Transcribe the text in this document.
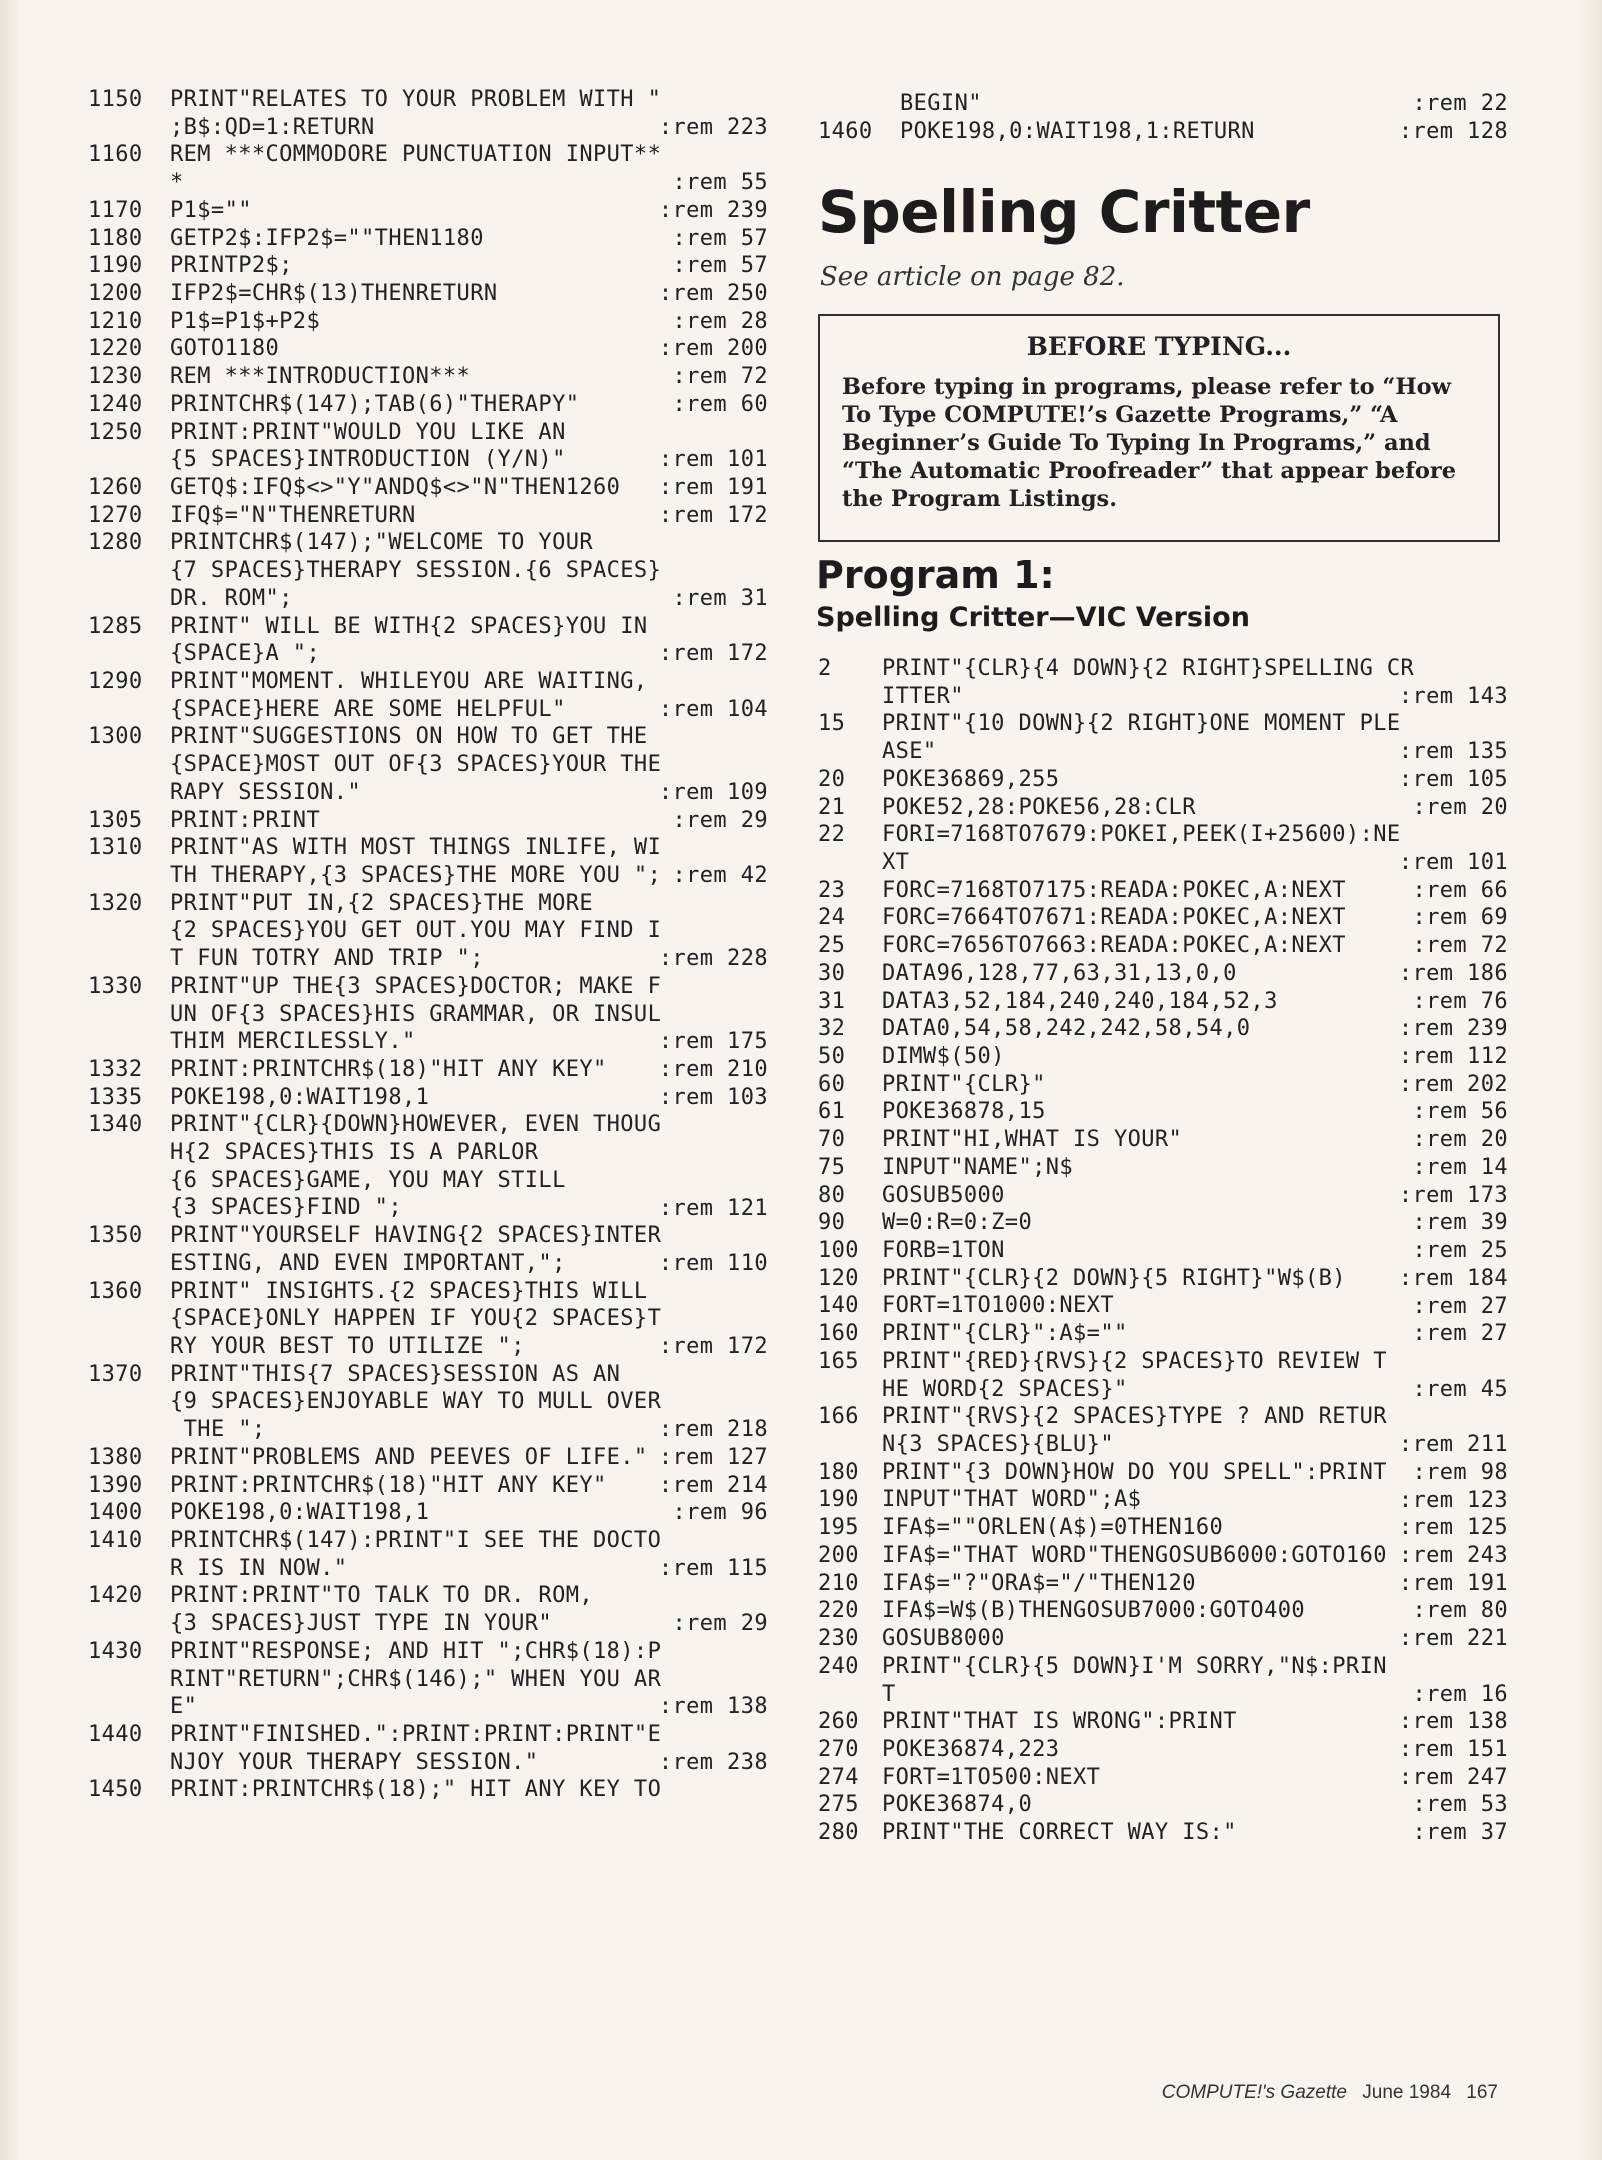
1150	PRINT"RELATES TO YOUR PROBLEM WITH "
;B$:QD=1:RETURN	:rem 223
1160	REM ***COMMODORE PUNCTUATION INPUT**
*	:rem 55
1170	P1$=""	:rem 239
1180	GETP2$:IFP2$=""THEN1180	:rem 57
1190	PRINTP2$;	:rem 57
1200	IFP2$=CHR$(13)THENRETURN	:rem 250
1210	P1$=P1$+P2$	:rem 28
1220	GOTO1180	:rem 200
1230	REM ***INTRODUCTION***	:rem 72
1240	PRINTCHR$(147);TAB(6)"THERAPY"	:rem 60
1250	PRINT:PRINT"WOULD YOU LIKE AN
{5 SPACES}INTRODUCTION (Y/N)"	:rem 101
1260	GETQ$:IFQ$<>"Y"ANDQ$<>"N"THEN1260	:rem 191
1270	IFQ$="N"THENRETURN	:rem 172
1280	PRINTCHR$(147);"WELCOME TO YOUR
{7 SPACES}THERAPY SESSION.{6 SPACES}
DR. ROM";	:rem 31
1285	PRINT" WILL BE WITH{2 SPACES}YOU IN
{SPACE}A ";	:rem 172
1290	PRINT"MOMENT. WHILEYOU ARE WAITING,
{SPACE}HERE ARE SOME HELPFUL"	:rem 104
1300	PRINT"SUGGESTIONS ON HOW TO GET THE
{SPACE}MOST OUT OF{3 SPACES}YOUR THE
RAPY SESSION."	:rem 109
1305	PRINT:PRINT	:rem 29
1310	PRINT"AS WITH MOST THINGS INLIFE, WI
TH THERAPY,{3 SPACES}THE MORE YOU "; :rem 42
1320	PRINT"PUT IN,{2 SPACES}THE MORE
{2 SPACES}YOU GET OUT.YOU MAY FIND I
T FUN TOTRY AND TRIP ";	:rem 228
1330	PRINT"UP THE{3 SPACES}DOCTOR; MAKE F
UN OF{3 SPACES}HIS GRAMMAR, OR INSUL
THIM MERCILESSLY."	:rem 175
1332	PRINT:PRINTCHR$(18)"HIT ANY KEY"	:rem 210
1335	POKE198,0:WAIT198,1	:rem 103
1340	PRINT"{CLR}{DOWN}HOWEVER, EVEN THOUG
H{2 SPACES}THIS IS A PARLOR
{6 SPACES}GAME, YOU MAY STILL
{3 SPACES}FIND ";	:rem 121
1350	PRINT"YOURSELF HAVING{2 SPACES}INTER
ESTING, AND EVEN IMPORTANT,";	:rem 110
1360	PRINT" INSIGHTS.{2 SPACES}THIS WILL
{SPACE}ONLY HAPPEN IF YOU{2 SPACES}T
RY YOUR BEST TO UTILIZE ";	:rem 172
1370	PRINT"THIS{7 SPACES}SESSION AS AN
{9 SPACES}ENJOYABLE WAY TO MULL OVER
THE ";	:rem 218
1380	PRINT"PROBLEMS AND PEEVES OF LIFE." :rem 127
1390	PRINT:PRINTCHR$(18)"HIT ANY KEY"	:rem 214
1400	POKE198,0:WAIT198,1	:rem 96
1410	PRINTCHR$(147):PRINT"I SEE THE DOCTO
R IS IN NOW."	:rem 115
1420	PRINT:PRINT"TO TALK TO DR. ROM,
{3 SPACES}JUST TYPE IN YOUR"	:rem 29
1430	PRINT"RESPONSE; AND HIT ";CHR$(18):P
RINT"RETURN";CHR$(146);" WHEN YOU AR
E"	:rem 138
1440	PRINT"FINISHED.":PRINT:PRINT:PRINT"E
NJOY YOUR THERAPY SESSION."	:rem 238
1450	PRINT:PRINTCHR$(18);" HIT ANY KEY TO
BEGIN"	:rem 22
1460	POKE198,0:WAIT198,1:RETURN	:rem 128
Spelling Critter
See article on page 82.
BEFORE TYPING...

Before typing in programs, please refer to “How To Type COMPUTE!’s Gazette Programs,” “A Beginner’s Guide To Typing In Programs,” and “The Automatic Proofreader” that appear before the Program Listings.

Program 1:
Spelling Critter—VIC Version
2	PRINT"{CLR}{4 DOWN}{2 RIGHT}SPELLING CR
ITTER"	:rem 143
15	PRINT"{10 DOWN}{2 RIGHT}ONE MOMENT PLE
ASE"	:rem 135
20	POKE36869,255	:rem 105
21	POKE52,28:POKE56,28:CLR	:rem 20
22	FORI=7168TO7679:POKEI,PEEK(I+25600):NE
XT	:rem 101
23	FORC=7168TO7175:READA:POKEC,A:NEXT	:rem 66
24	FORC=7664TO7671:READA:POKEC,A:NEXT	:rem 69
25	FORC=7656TO7663:READA:POKEC,A:NEXT	:rem 72
30	DATA96,128,77,63,31,13,0,0	:rem 186
31	DATA3,52,184,240,240,184,52,3	:rem 76
32	DATA0,54,58,242,242,58,54,0	:rem 239
50	DIMW$(50)	:rem 112
60	PRINT"{CLR}"	:rem 202
61	POKE36878,15	:rem 56
70	PRINT"HI,WHAT IS YOUR"	:rem 20
75	INPUT"NAME";N$	:rem 14
80	GOSUB5000	:rem 173
90	W=0:R=0:Z=0	:rem 39
100	FORB=1TON	:rem 25
120	PRINT"{CLR}{2 DOWN}{5 RIGHT}"W$(B)	:rem 184
140	FORT=1TO1000:NEXT	:rem 27
160	PRINT"{CLR}":A$=""	:rem 27
165	PRINT"{RED}{RVS}{2 SPACES}TO REVIEW T
HE WORD{2 SPACES}"	:rem 45
166	PRINT"{RVS}{2 SPACES}TYPE ? AND RETUR
N{3 SPACES}{BLU}"	:rem 211
180	PRINT"{3 DOWN}HOW DO YOU SPELL":PRINT	:rem 98
190	INPUT"THAT WORD";A$	:rem 123
195	IFA$=""ORLEN(A$)=0THEN160	:rem 125
200	IFA$="THAT WORD"THENGOSUB6000:GOTO160 :rem 243
210	IFA$="?"ORA$="/"THEN120	:rem 191
220	IFA$=W$(B)THENGOSUB7000:GOTO400	:rem 80
230	GOSUB8000	:rem 221
240	PRINT"{CLR}{5 DOWN}I'M SORRY,"N$:PRIN
T	:rem 16
260	PRINT"THAT IS WRONG":PRINT	:rem 138
270	POKE36874,223	:rem 151
274	FORT=1TO500:NEXT	:rem 247
275	POKE36874,0	:rem 53
280	PRINT"THE CORRECT WAY IS:"	:rem 37
COMPUTE!'s Gazette June 1984 167
